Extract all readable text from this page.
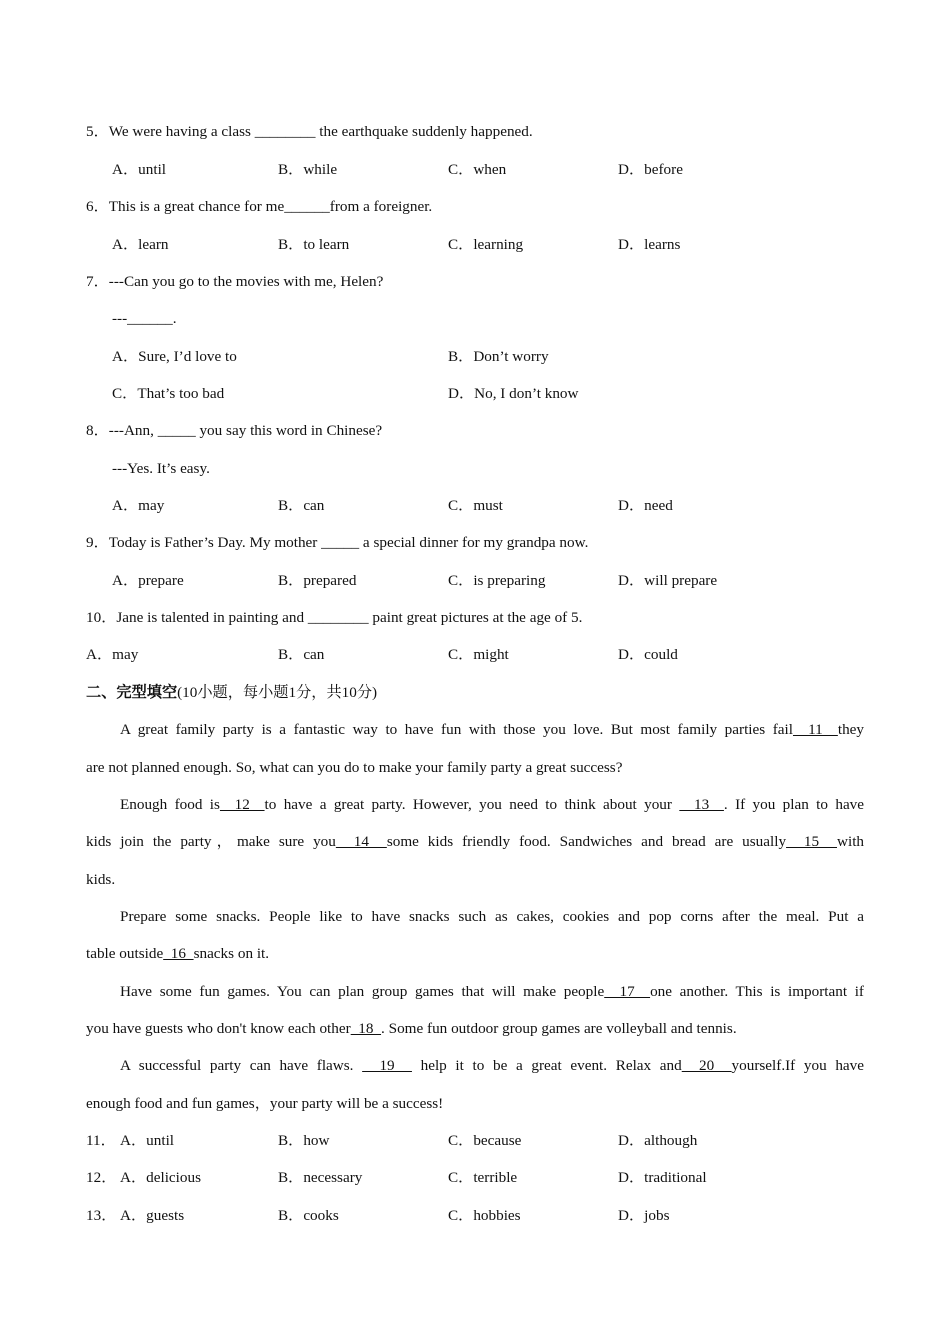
5．We were having a class ________ the earthquake suddenly happened.
A．until	B．while	C．when	D．before
6．This is a great chance for me______from a foreigner.
A．learn	B．to learn	C．learning	D．learns
7．---Can you go to the movies with me, Helen?
---______.
A．Sure, I’d love to	B．Don’t worry
C．That’s too bad	D．No, I don’t know
8．---Ann, _____ you say this word in Chinese?
---Yes. It’s easy.
A．may	B．can	C．must	D．need
9．Today is Father’s Day. My mother _____ a special dinner for my grandpa now.
A．prepare	B．prepared	C．is preparing	D．will prepare
10．Jane is talented in painting and ________ paint great pictures at the age of 5.
A．may	B．can	C．might	D．could
二、完型填空(10小题，每小题1分，共10分)
A great family party is a fantastic way to have fun with those you love. But most family parties fail  11  they
are not planned enough. So, what can you do to make your family party a great success?
Enough food is  12  to have a great party. However, you need to think about your   13  . If you plan to have
kids join the party，make sure you  14  some kids friendly food. Sandwiches and bread are usually  15  with
kids.
Prepare some snacks. People like to have snacks such as cakes, cookies and pop corns after the meal. Put a
table outside  16  snacks on it.
Have some fun games. You can plan group games that will make people  17  one another. This is important if
you have guests who don't know each other  18  . Some fun outdoor group games are volleyball and tennis.
A successful party can have flaws.   19   help it to be a great event. Relax and  20  yourself.If you have
enough food and fun games，your party will be a success!
11． A．until	B．how	C．because	D．although
12． A．delicious	B．necessary	C．terrible	D．traditional
13． A．guests	B．cooks	C．hobbies	D．jobs
